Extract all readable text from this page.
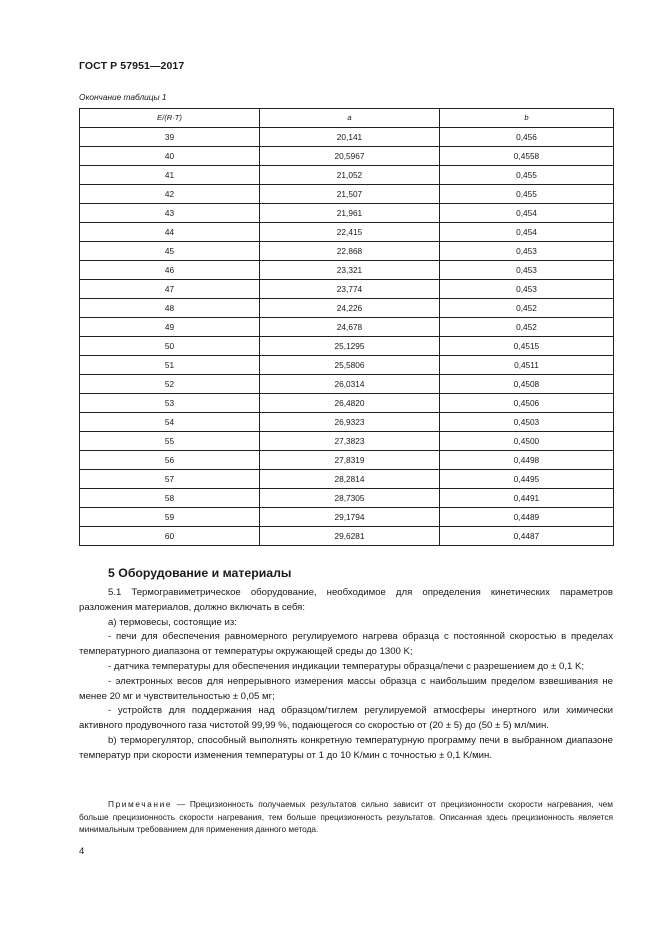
ГОСТ Р 57951—2017
Окончание таблицы 1
E/(R·T)	a	b
39	20,141	0,456
40	20,5967	0,4558
41	21,052	0,455
42	21,507	0,455
43	21,961	0,454
44	22,415	0,454
45	22,868	0,453
46	23,321	0,453
47	23,774	0,453
48	24,226	0,452
49	24,678	0,452
50	25,1295	0,4515
51	25,5806	0,4511
52	26,0314	0,4508
53	26,4820	0,4506
54	26,9323	0,4503
55	27,3823	0,4500
56	27,8319	0,4498
57	28,2814	0,4495
58	28,7305	0,4491
59	29,1794	0,4489
60	29,6281	0,4487
5 Оборудование и материалы

5.1 Термогравиметрическое оборудование, необходимое для определения кинетических параметров разложения материалов, должно включать в себя:

а) термовесы, состоящие из:

- печи для обеспечения равномерного регулируемого нагрева образца с постоянной скоростью в пределах температурного диапазона от температуры окружающей среды до 1300 K;

- датчика температуры для обеспечения индикации температуры образца/печи с разрешением до ± 0,1 K;

- электронных весов для непрерывного измерения массы образца с наибольшим пределом взвешивания не менее 20 мг и чувствительностью ± 0,05 мг;

- устройств для поддержания над образцом/тиглем регулируемой атмосферы инертного или химически активного продувочного газа чистотой 99,99 %, подающегося со скоростью от (20 ± 5) до (50 ± 5) мл/мин.

b) терморегулятор, способный выполнять конкретную температурную программу печи в выбранном диапазоне температур при скорости изменения температуры от 1 до 10 K/мин с точностью ± 0,1 K/мин.

Примечание — Прецизионность получаемых результатов сильно зависит от прецизионности скорости нагревания, чем больше прецизионность скорости нагревания, тем больше прецизионность результатов. Описанная здесь прецизионность является минимальным требованием для применения данного метода.

4
